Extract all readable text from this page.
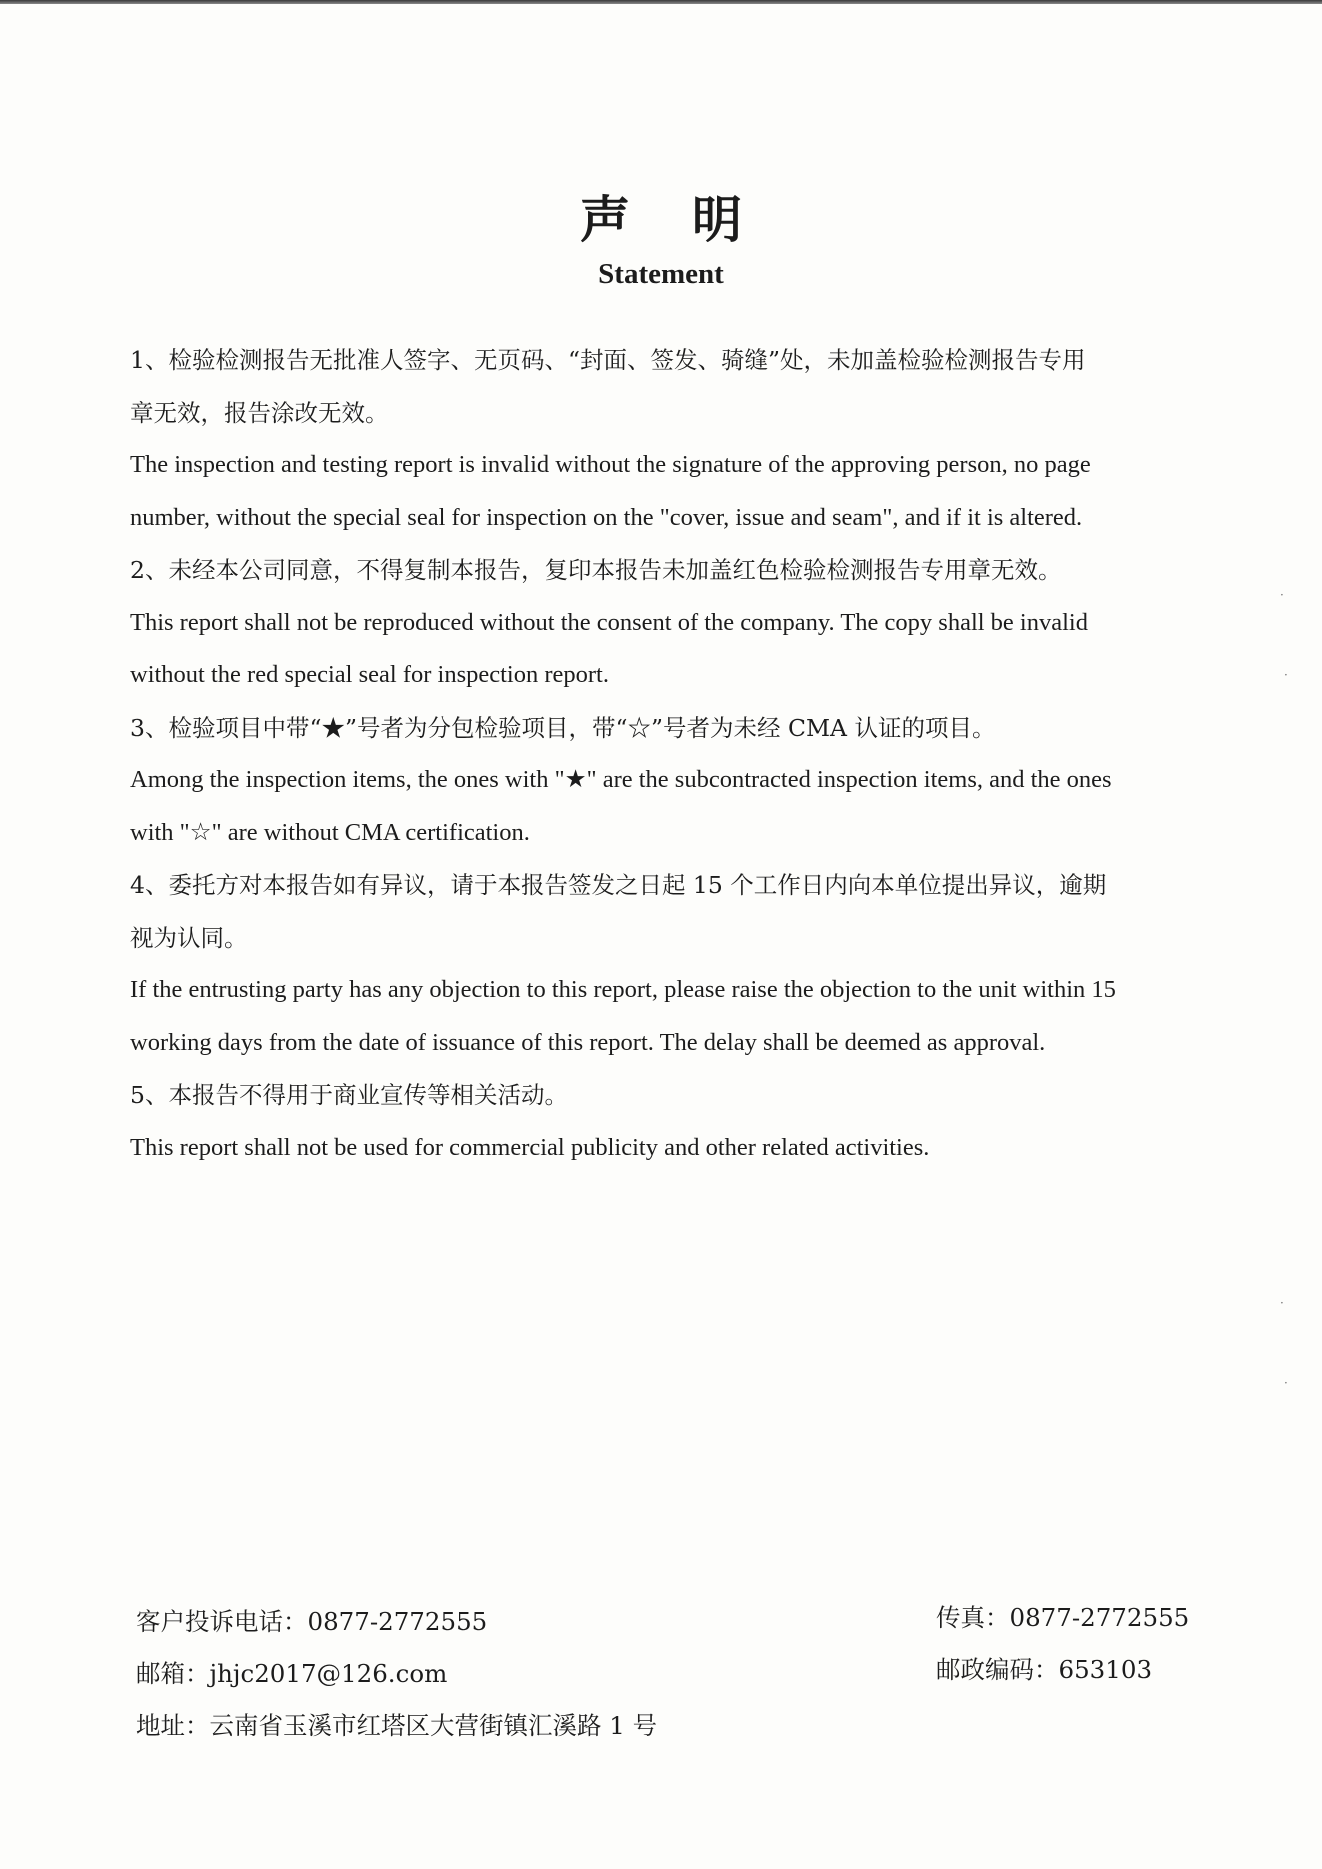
声明
Statement
1、检验检测报告无批准人签字、无页码、“封面、签发、骑缝”处，未加盖检验检测报告专用
章无效，报告涂改无效。
The inspection and testing report is invalid without the signature of the approving person, no page
number, without the special seal for inspection on the "cover, issue and seam", and if it is altered.
2、未经本公司同意，不得复制本报告，复印本报告未加盖红色检验检测报告专用章无效。
This report shall not be reproduced without the consent of the company. The copy shall be invalid
without the red special seal for inspection report.
3、检验项目中带“★”号者为分包检验项目，带“☆”号者为未经 CMA 认证的项目。
Among the inspection items, the ones with "★" are the subcontracted inspection items, and the ones
with "☆" are without CMA certification.
4、委托方对本报告如有异议，请于本报告签发之日起 15 个工作日内向本单位提出异议，逾期
视为认同。
If the entrusting party has any objection to this report, please raise the objection to the unit within 15
working days from the date of issuance of this report. The delay shall be deemed as approval.
5、本报告不得用于商业宣传等相关活动。
This report shall not be used for commercial publicity and other related activities.
客户投诉电话：0877-2772555
邮箱：jhjc2017@126.com
地址：云南省玉溪市红塔区大营街镇汇溪路 1 号
传真：0877-2772555
邮政编码：653103
·
·
·
·
